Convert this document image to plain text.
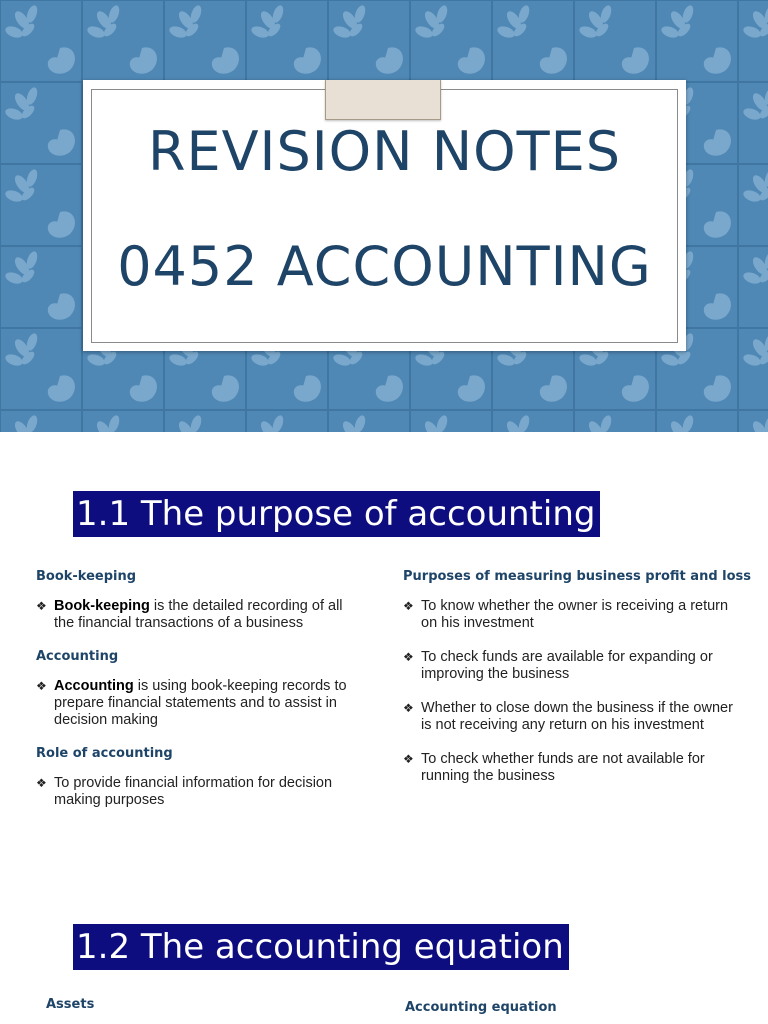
REVISION NOTES
0452 ACCOUNTING
1.1 The purpose of accounting
Book-keeping
❖ Book-keeping is the detailed recording of all the financial transactions of a business
Accounting
❖ Accounting is using book-keeping records to prepare financial statements and to assist in decision making
Role of accounting
❖ To provide financial information for decision making purposes
Purposes of measuring business profit and loss
❖ To know whether the owner is receiving a return on his investment
❖ To check funds are available for expanding or improving the business
❖ Whether to close down the business if the owner is not receiving any return on his investment
❖ To check whether funds are not available for running the business
1.2 The accounting equation
Assets	Accounting equation
